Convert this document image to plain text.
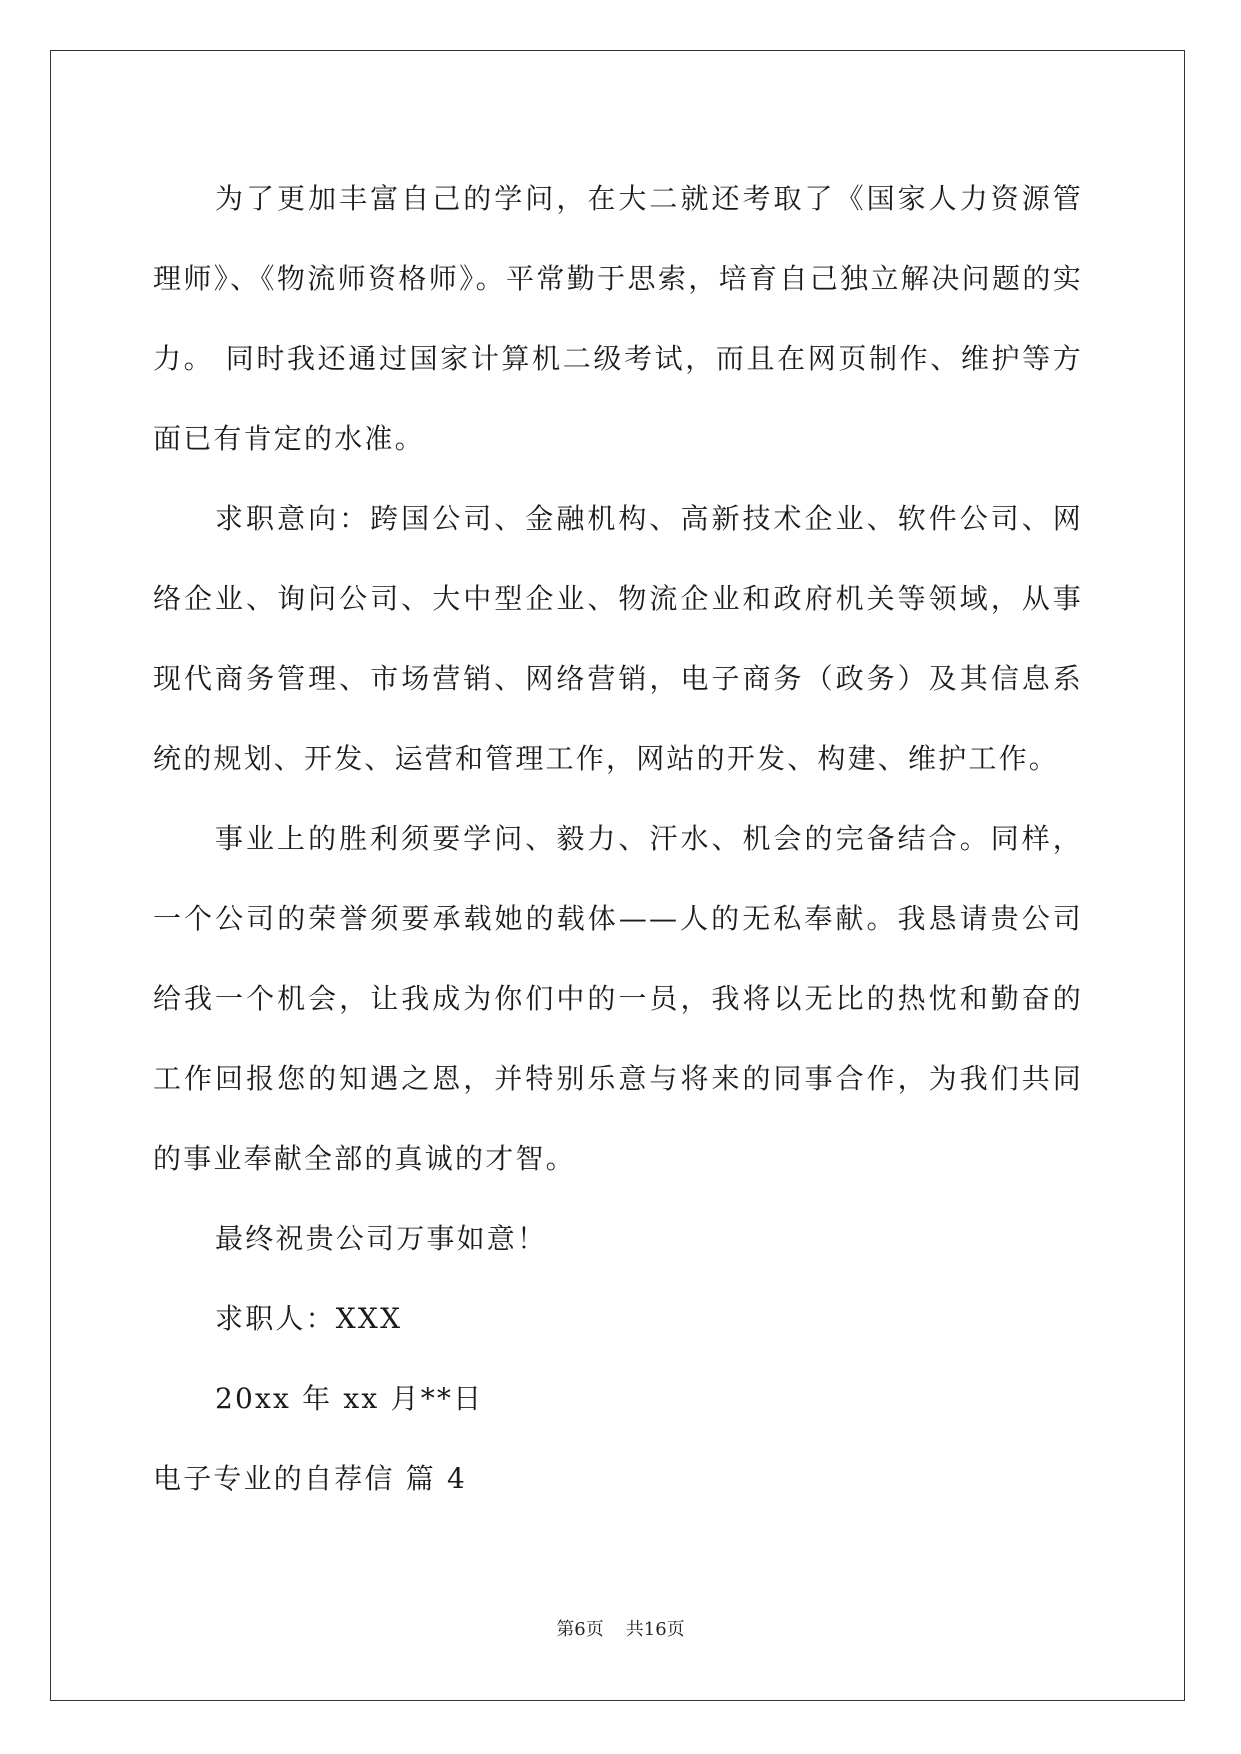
为了更加丰富自己的学问，在大二就还考取了《国家人力资源管理师》、《物流师资格师》。平常勤于思索，培育自己独立解决问题的实力。 同时我还通过国家计算机二级考试，而且在网页制作、维护等方面已有肯定的水准。

求职意向：跨国公司、金融机构、高新技术企业、软件公司、网络企业、询问公司、大中型企业、物流企业和政府机关等领域，从事现代商务管理、市场营销、网络营销，电子商务（政务）及其信息系统的规划、开发、运营和管理工作，网站的开发、构建、维护工作。

事业上的胜利须要学问、毅力、汗水、机会的完备结合。同样，一个公司的荣誉须要承载她的载体——人的无私奉献。我恳请贵公司给我一个机会，让我成为你们中的一员，我将以无比的热忱和勤奋的工作回报您的知遇之恩，并特别乐意与将来的同事合作，为我们共同的事业奉献全部的真诚的才智。

最终祝贵公司万事如意！

求职人：XXX

20xx 年 xx 月**日

电子专业的自荐信 篇 4

第6页 共16页
